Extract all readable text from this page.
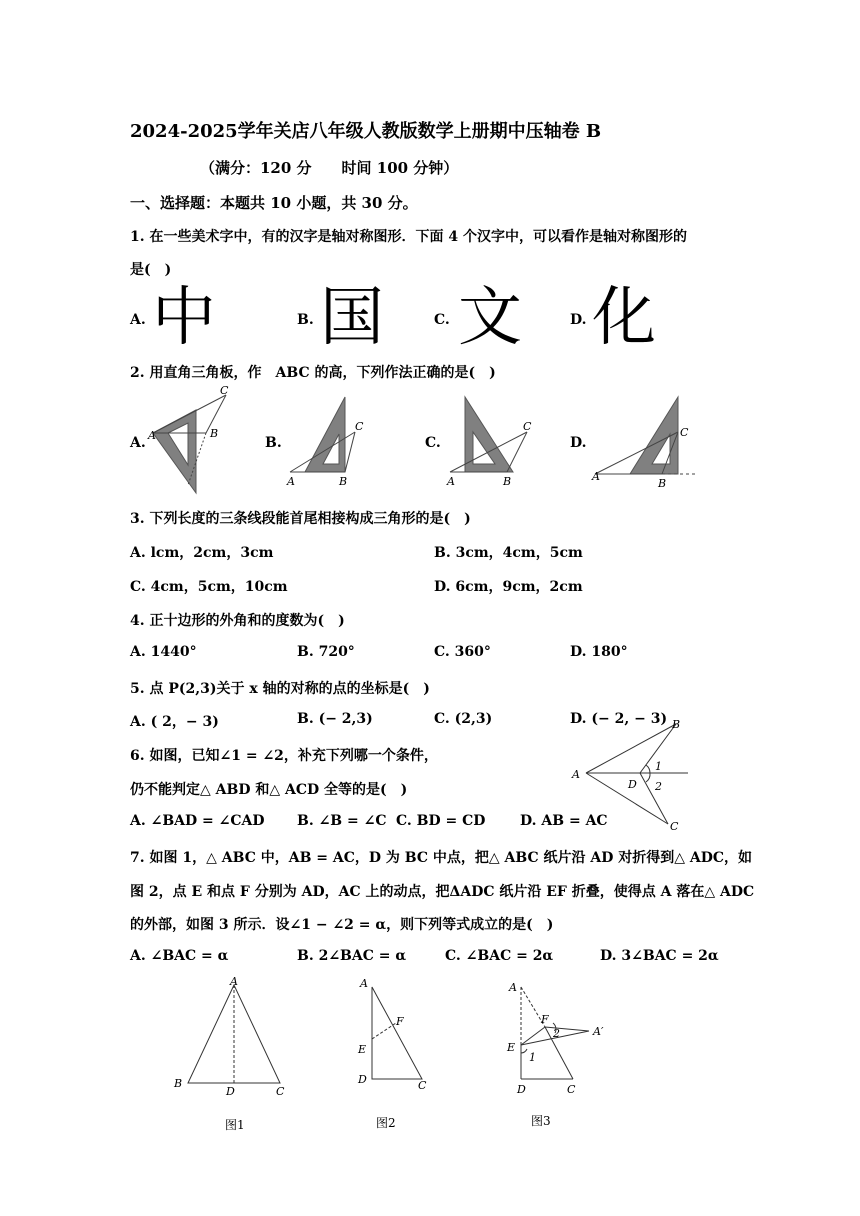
2024-2025学年关店八年级人教版数学上册期中压轴卷 B
（满分：120 分　　时间 100 分钟）
一、选择题：本题共 10 小题，共 30 分。
1. 在一些美术字中，有的汉字是轴对称图形．下面 4 个汉字中，可以看作是轴对称图形的
是(　)
A. 中	B. 国	C. 文	D. 化
2. 用直角三角板，作　ABC 的高，下列作法正确的是(　)
A. A	B
C
B.
A	B
C
C.
A	B
C
D.
A
B
C
3. 下列长度的三条线段能首尾相接构成三角形的是(　)
A. lcm，2cm，3cm	B. 3cm，4cm，5cm
C. 4cm，5cm，10cm	D. 6cm，9cm，2cm
4. 正十边形的外角和的度数为(　)
A. 1440°	B. 720°	C. 360°	D. 180°
5. 点 P(2,3)关于 x 轴的对称的点的坐标是(　)
A. ( 2，− 3)	B. (− 2,3)	C. (2,3)	D. (− 2, − 3)
6. 如图，已知∠1 = ∠2，补充下列哪一个条件，
仍不能判定△ ABD 和△ ACD 全等的是(　)
A
B
C
D
1
2
A. ∠BAD = ∠CAD B. ∠B = ∠C C. BD = CD D. AB = AC
7. 如图 1，△ ABC 中，AB = AC，D 为 BC 中点，把△ ABC 纸片沿 AD 对折得到△ ADC，如
图 2，点 E 和点 F 分别为 AD，AC 上的动点，把ΔADC 纸片沿 EF 折叠，使得点 A 落在△ ADC
的外部，如图 3 所示．设∠1 − ∠2 = α，则下列等式成立的是(　)
A. ∠BAC = α	B. 2∠BAC = α	C. ∠BAC = 2α	D. 3∠BAC = 2α
A
B
C
D
图1
A
E
F
D	C
图2
A
F
A′
2
E
1
D	C
图3
